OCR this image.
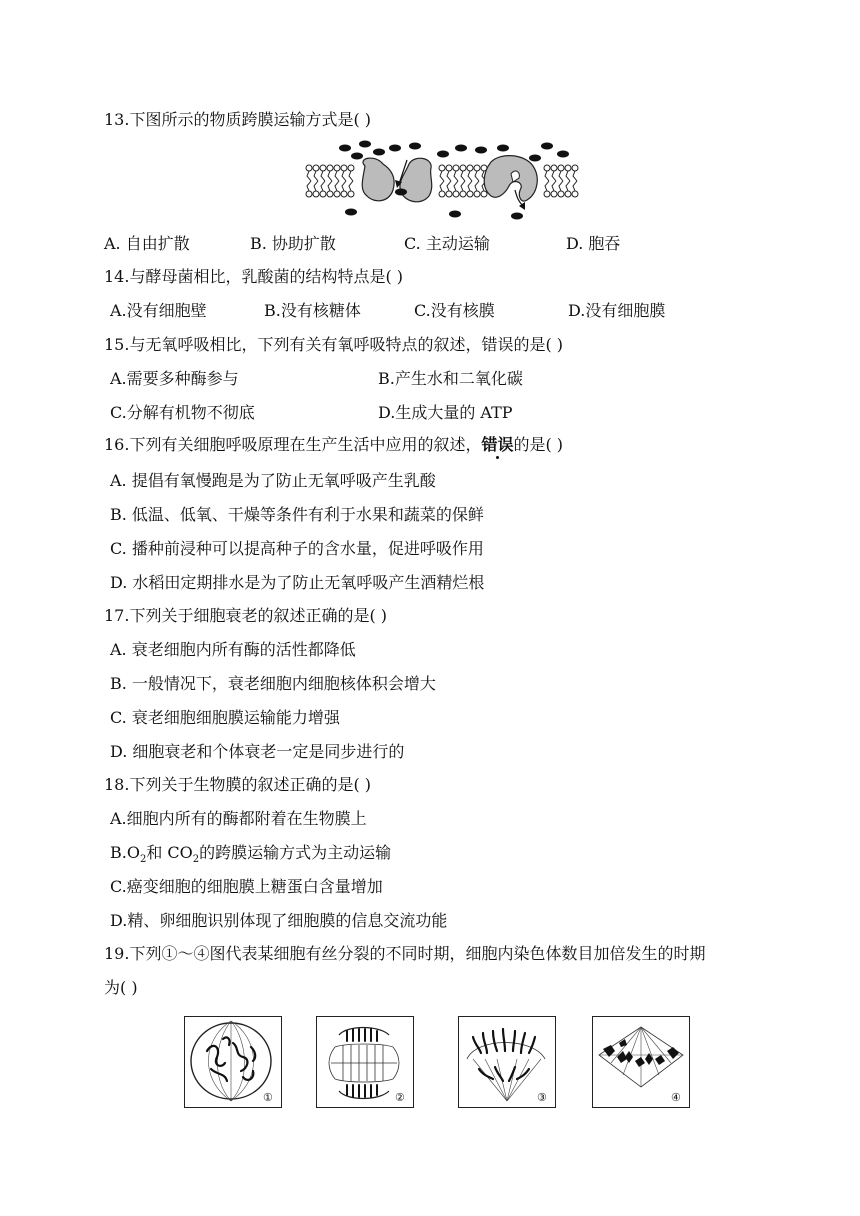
13.下图所示的物质跨膜运输方式是( )
A. 自由扩散	B. 协助扩散	C. 主动运输	D. 胞吞
14.与酵母菌相比，乳酸菌的结构特点是( )
A.没有细胞壁	B.没有核糖体	C.没有核膜	D.没有细胞膜
15.与无氧呼吸相比，下列有关有氧呼吸特点的叙述，错误的是( )
A.需要多种酶参与	B.产生水和二氧化碳
C.分解有机物不彻底	D.生成大量的 ATP
16.下列有关细胞呼吸原理在生产生活中应用的叙述，错误的是( )
A. 提倡有氧慢跑是为了防止无氧呼吸产生乳酸
B. 低温、低氧、干燥等条件有利于水果和蔬菜的保鲜
C. 播种前浸种可以提高种子的含水量，促进呼吸作用
D. 水稻田定期排水是为了防止无氧呼吸产生酒精烂根
17.下列关于细胞衰老的叙述正确的是( )
A. 衰老细胞内所有酶的活性都降低
B. 一般情况下，衰老细胞内细胞核体积会增大
C. 衰老细胞细胞膜运输能力增强
D. 细胞衰老和个体衰老一定是同步进行的
18.下列关于生物膜的叙述正确的是( )
A.细胞内所有的酶都附着在生物膜上
$B.O_2$和 $CO_2$的跨膜运输方式为主动运输
C.癌变细胞的细胞膜上糖蛋白含量增加
D.精、卵细胞识别体现了细胞膜的信息交流功能
19.下列①～④图代表某细胞有丝分裂的不同时期，细胞内染色体数目加倍发生的时期
为( )
①	②	③	④
